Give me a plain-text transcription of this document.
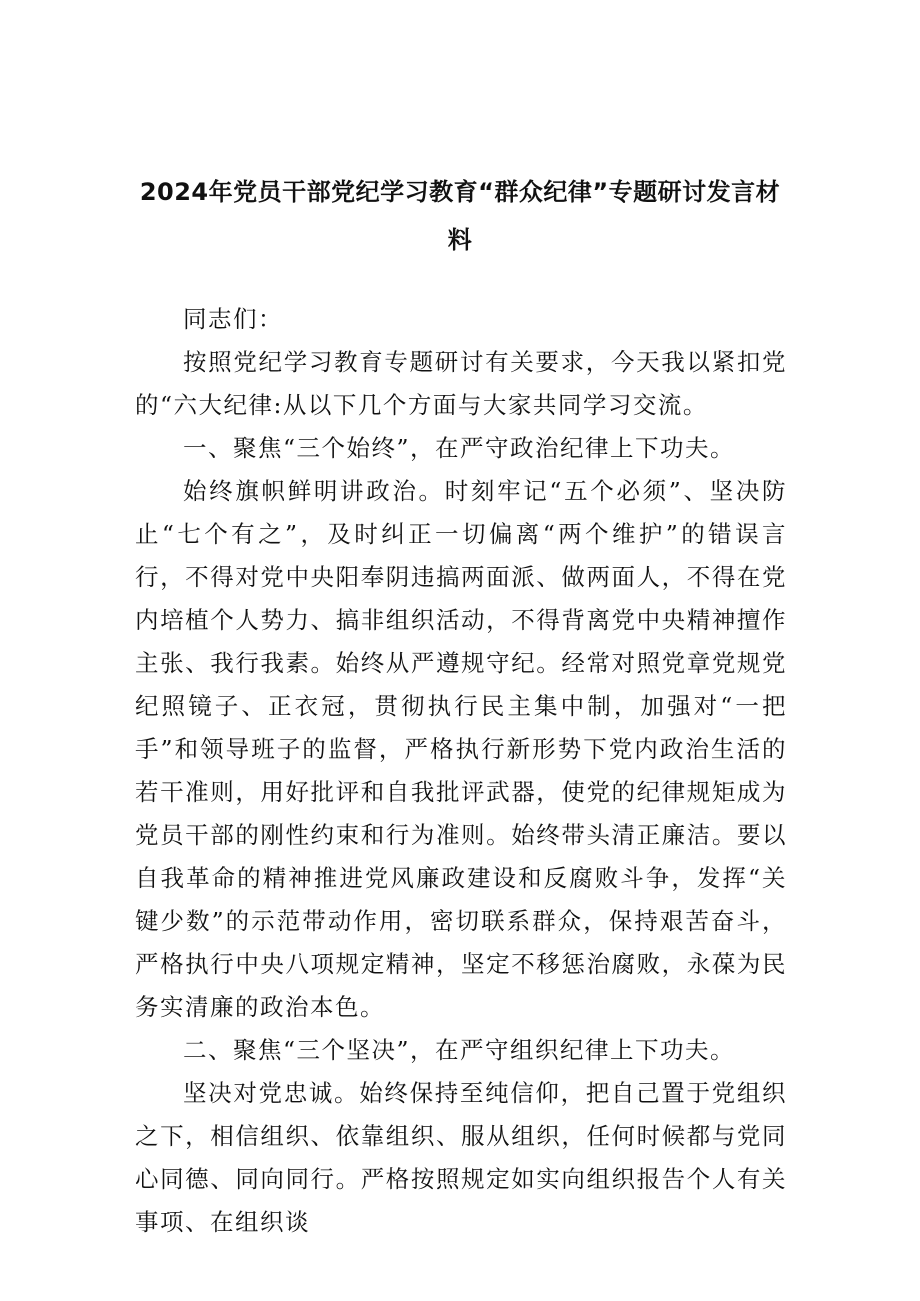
2024年党员干部党纪学习教育“群众纪律”专题研讨发言材料

同志们：

按照党纪学习教育专题研讨有关要求，今天我以紧扣党的“六大纪律:从以下几个方面与大家共同学习交流。

一、聚焦“三个始终”，在严守政治纪律上下功夫。

始终旗帜鲜明讲政治。时刻牢记“五个必须”、坚决防止“七个有之”，及时纠正一切偏离“两个维护”的错误言行，不得对党中央阳奉阴违搞两面派、做两面人，不得在党内培植个人势力、搞非组织活动，不得背离党中央精神擅作主张、我行我素。始终从严遵规守纪。经常对照党章党规党纪照镜子、正衣冠，贯彻执行民主集中制，加强对“一把手”和领导班子的监督，严格执行新形势下党内政治生活的若干准则，用好批评和自我批评武器，使党的纪律规矩成为党员干部的刚性约束和行为准则。始终带头清正廉洁。要以自我革命的精神推进党风廉政建设和反腐败斗争，发挥“关键少数”的示范带动作用，密切联系群众，保持艰苦奋斗，严格执行中央八项规定精神，坚定不移惩治腐败，永葆为民务实清廉的政治本色。

二、聚焦“三个坚决”，在严守组织纪律上下功夫。

坚决对党忠诚。始终保持至纯信仰，把自己置于党组织之下，相信组织、依靠组织、服从组织，任何时候都与党同心同德、同向同行。严格按照规定如实向组织报告个人有关事项、在组织谈
